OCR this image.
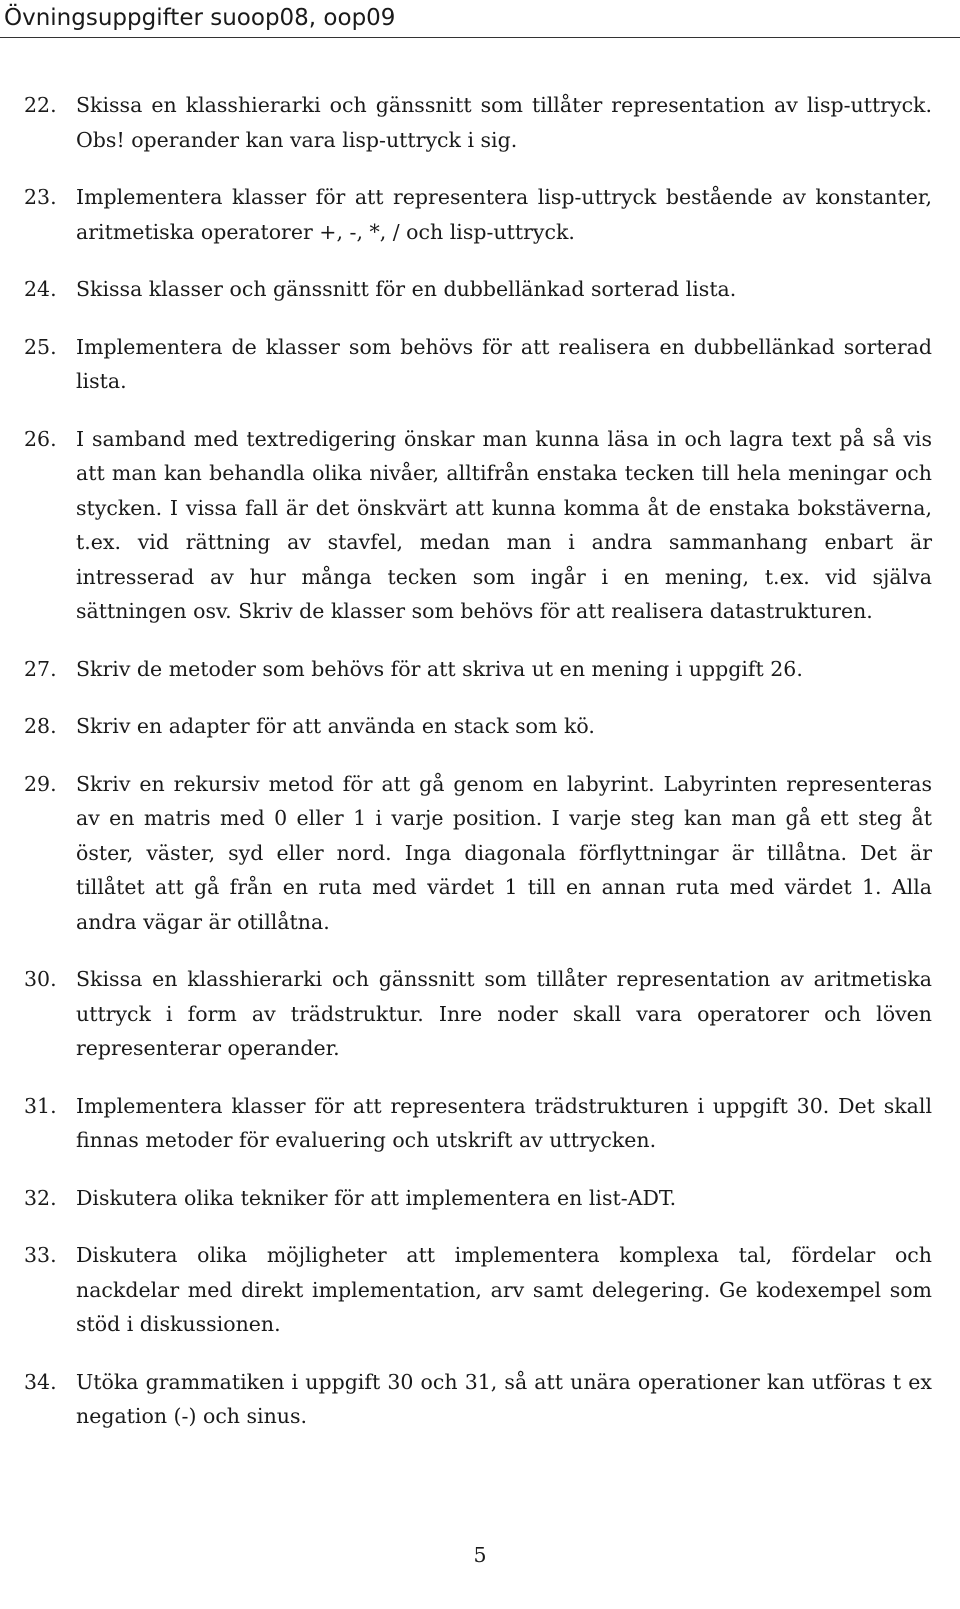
Övningsuppgifter suoop08, oop09
22. Skissa en klasshierarki och gänssnitt som tillåter representation av lisp-uttryck. Obs! operander kan vara lisp-uttryck i sig.

23. Implementera klasser för att representera lisp-uttryck bestående av konstanter, aritmetiska operatorer +, -, *, / och lisp-uttryck.

24. Skissa klasser och gänssnitt för en dubbellänkad sorterad lista.

25. Implementera de klasser som behövs för att realisera en dubbellänkad sorterad lista.

26. I samband med textredigering önskar man kunna läsa in och lagra text på så vis att man kan behandla olika nivåer, alltifrån enstaka tecken till hela meningar och stycken. I vissa fall är det önskvärt att kunna komma åt de enstaka bokstäverna, t.ex. vid rättning av stavfel, medan man i andra sammanhang enbart är intresserad av hur många tecken som ingår i en mening, t.ex. vid själva sättningen osv. Skriv de klasser som behövs för att realisera datastrukturen.

27. Skriv de metoder som behövs för att skriva ut en mening i uppgift 26.

28. Skriv en adapter för att använda en stack som kö.

29. Skriv en rekursiv metod för att gå genom en labyrint. Labyrinten representeras av en matris med 0 eller 1 i varje position. I varje steg kan man gå ett steg åt öster, väster, syd eller nord. Inga diagonala förflyttningar är tillåtna. Det är tillåtet att gå från en ruta med värdet 1 till en annan ruta med värdet 1. Alla andra vägar är otillåtna.

30. Skissa en klasshierarki och gänssnitt som tillåter representation av aritmetiska uttryck i form av trädstruktur. Inre noder skall vara operatorer och löven representerar operander.

31. Implementera klasser för att representera trädstrukturen i uppgift 30. Det skall finnas metoder för evaluering och utskrift av uttrycken.

32. Diskutera olika tekniker för att implementera en list-ADT.

33. Diskutera olika möjligheter att implementera komplexa tal, fördelar och nackdelar med direkt implementation, arv samt delegering. Ge kodexempel som stöd i diskussionen.

34. Utöka grammatiken i uppgift 30 och 31, så att unära operationer kan utföras t ex negation (-) och sinus.

5
